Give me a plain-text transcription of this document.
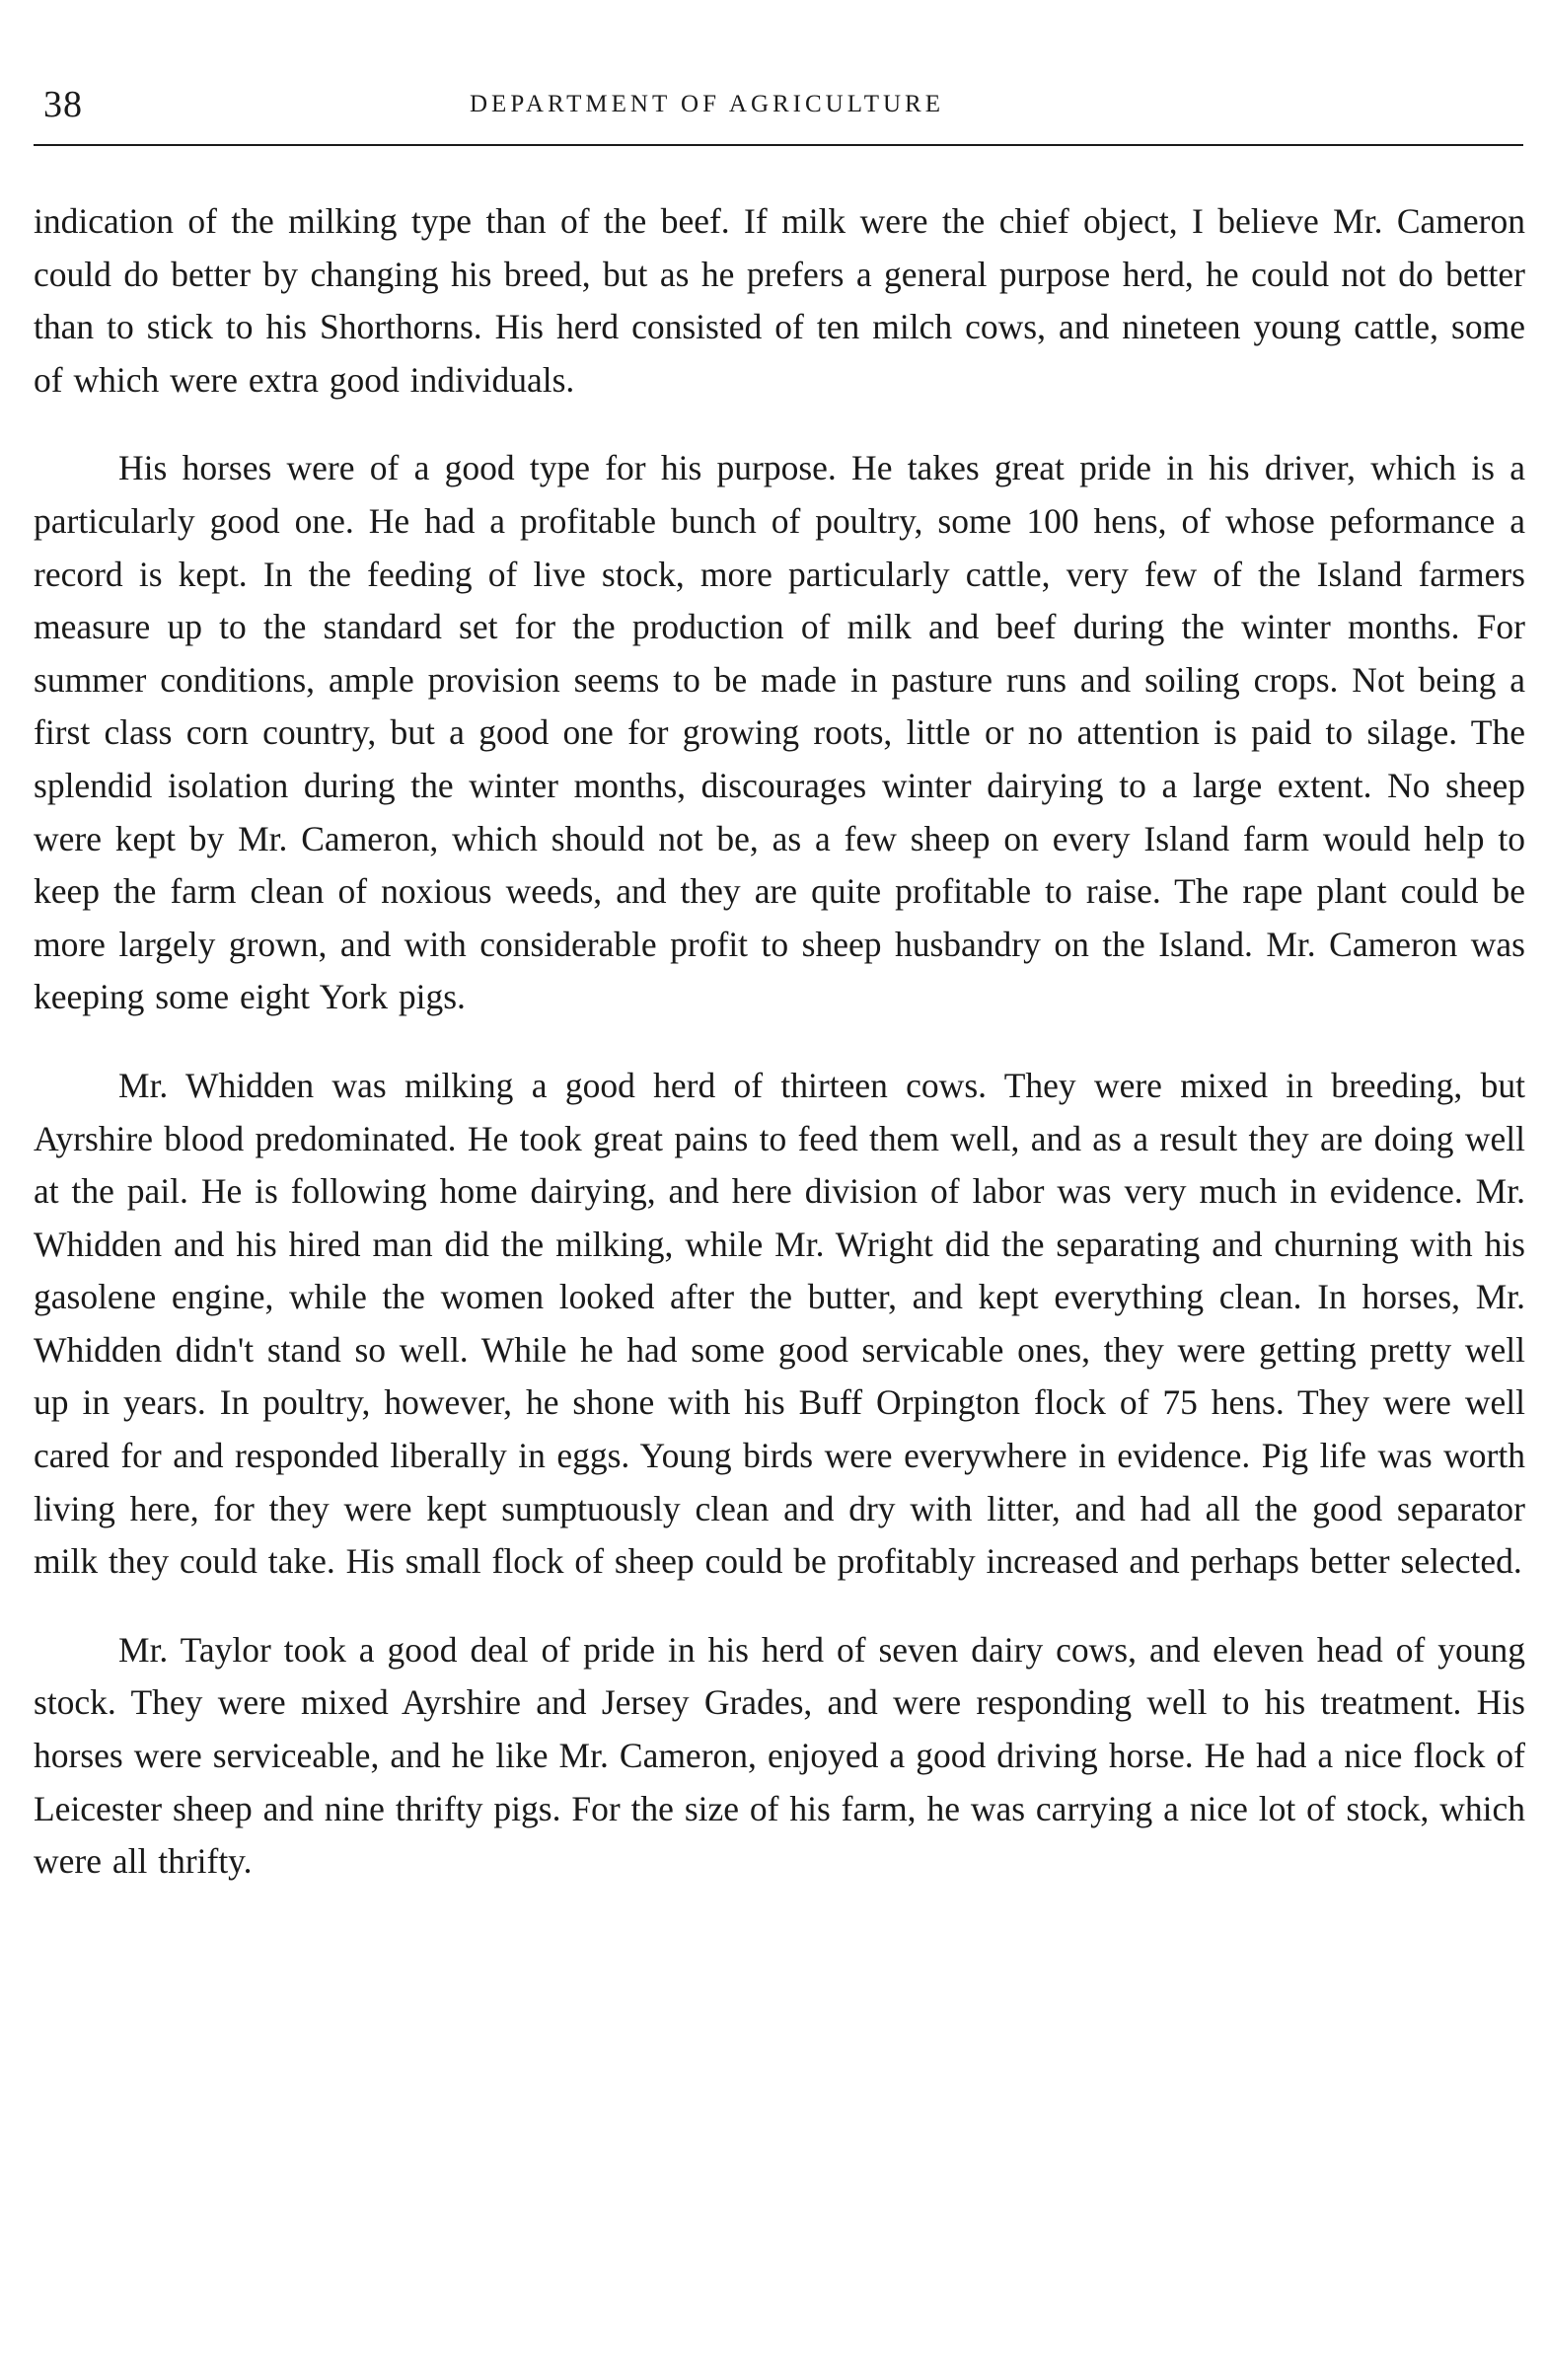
38	DEPARTMENT OF AGRICULTURE

indication of the milking type than of the beef. If milk were the chief object, I believe Mr. Cameron could do better by changing his breed, but as he prefers a general purpose herd, he could not do better than to stick to his Shorthorns. His herd consisted of ten milch cows, and nineteen young cattle, some of which were extra good individuals.

His horses were of a good type for his purpose. He takes great pride in his driver, which is a particularly good one. He had a profitable bunch of poultry, some 100 hens, of whose peformance a record is kept. In the feeding of live stock, more particularly cattle, very few of the Island farmers measure up to the standard set for the production of milk and beef during the winter months. For summer conditions, ample provision seems to be made in pasture runs and soiling crops. Not being a first class corn country, but a good one for growing roots, little or no attention is paid to silage. The splendid isolation during the winter months, discourages winter dairying to a large extent. No sheep were kept by Mr. Cameron, which should not be, as a few sheep on every Island farm would help to keep the farm clean of noxious weeds, and they are quite profitable to raise. The rape plant could be more largely grown, and with considerable profit to sheep husbandry on the Island. Mr. Cameron was keeping some eight York pigs.

Mr. Whidden was milking a good herd of thirteen cows. They were mixed in breeding, but Ayrshire blood predominated. He took great pains to feed them well, and as a result they are doing well at the pail. He is following home dairying, and here division of labor was very much in evidence. Mr. Whidden and his hired man did the milking, while Mr. Wright did the separating and churning with his gasolene engine, while the women looked after the butter, and kept everything clean. In horses, Mr. Whidden didn't stand so well. While he had some good servicable ones, they were getting pretty well up in years. In poultry, however, he shone with his Buff Orpington flock of 75 hens. They were well cared for and responded liberally in eggs. Young birds were everywhere in evidence. Pig life was worth living here, for they were kept sumptuously clean and dry with litter, and had all the good separator milk they could take. His small flock of sheep could be profitably increased and perhaps better selected.

Mr. Taylor took a good deal of pride in his herd of seven dairy cows, and eleven head of young stock. They were mixed Ayrshire and Jersey Grades, and were responding well to his treatment. His horses were serviceable, and he like Mr. Cameron, enjoyed a good driving horse. He had a nice flock of Leicester sheep and nine thrifty pigs. For the size of his farm, he was carrying a nice lot of stock, which were all thrifty.
